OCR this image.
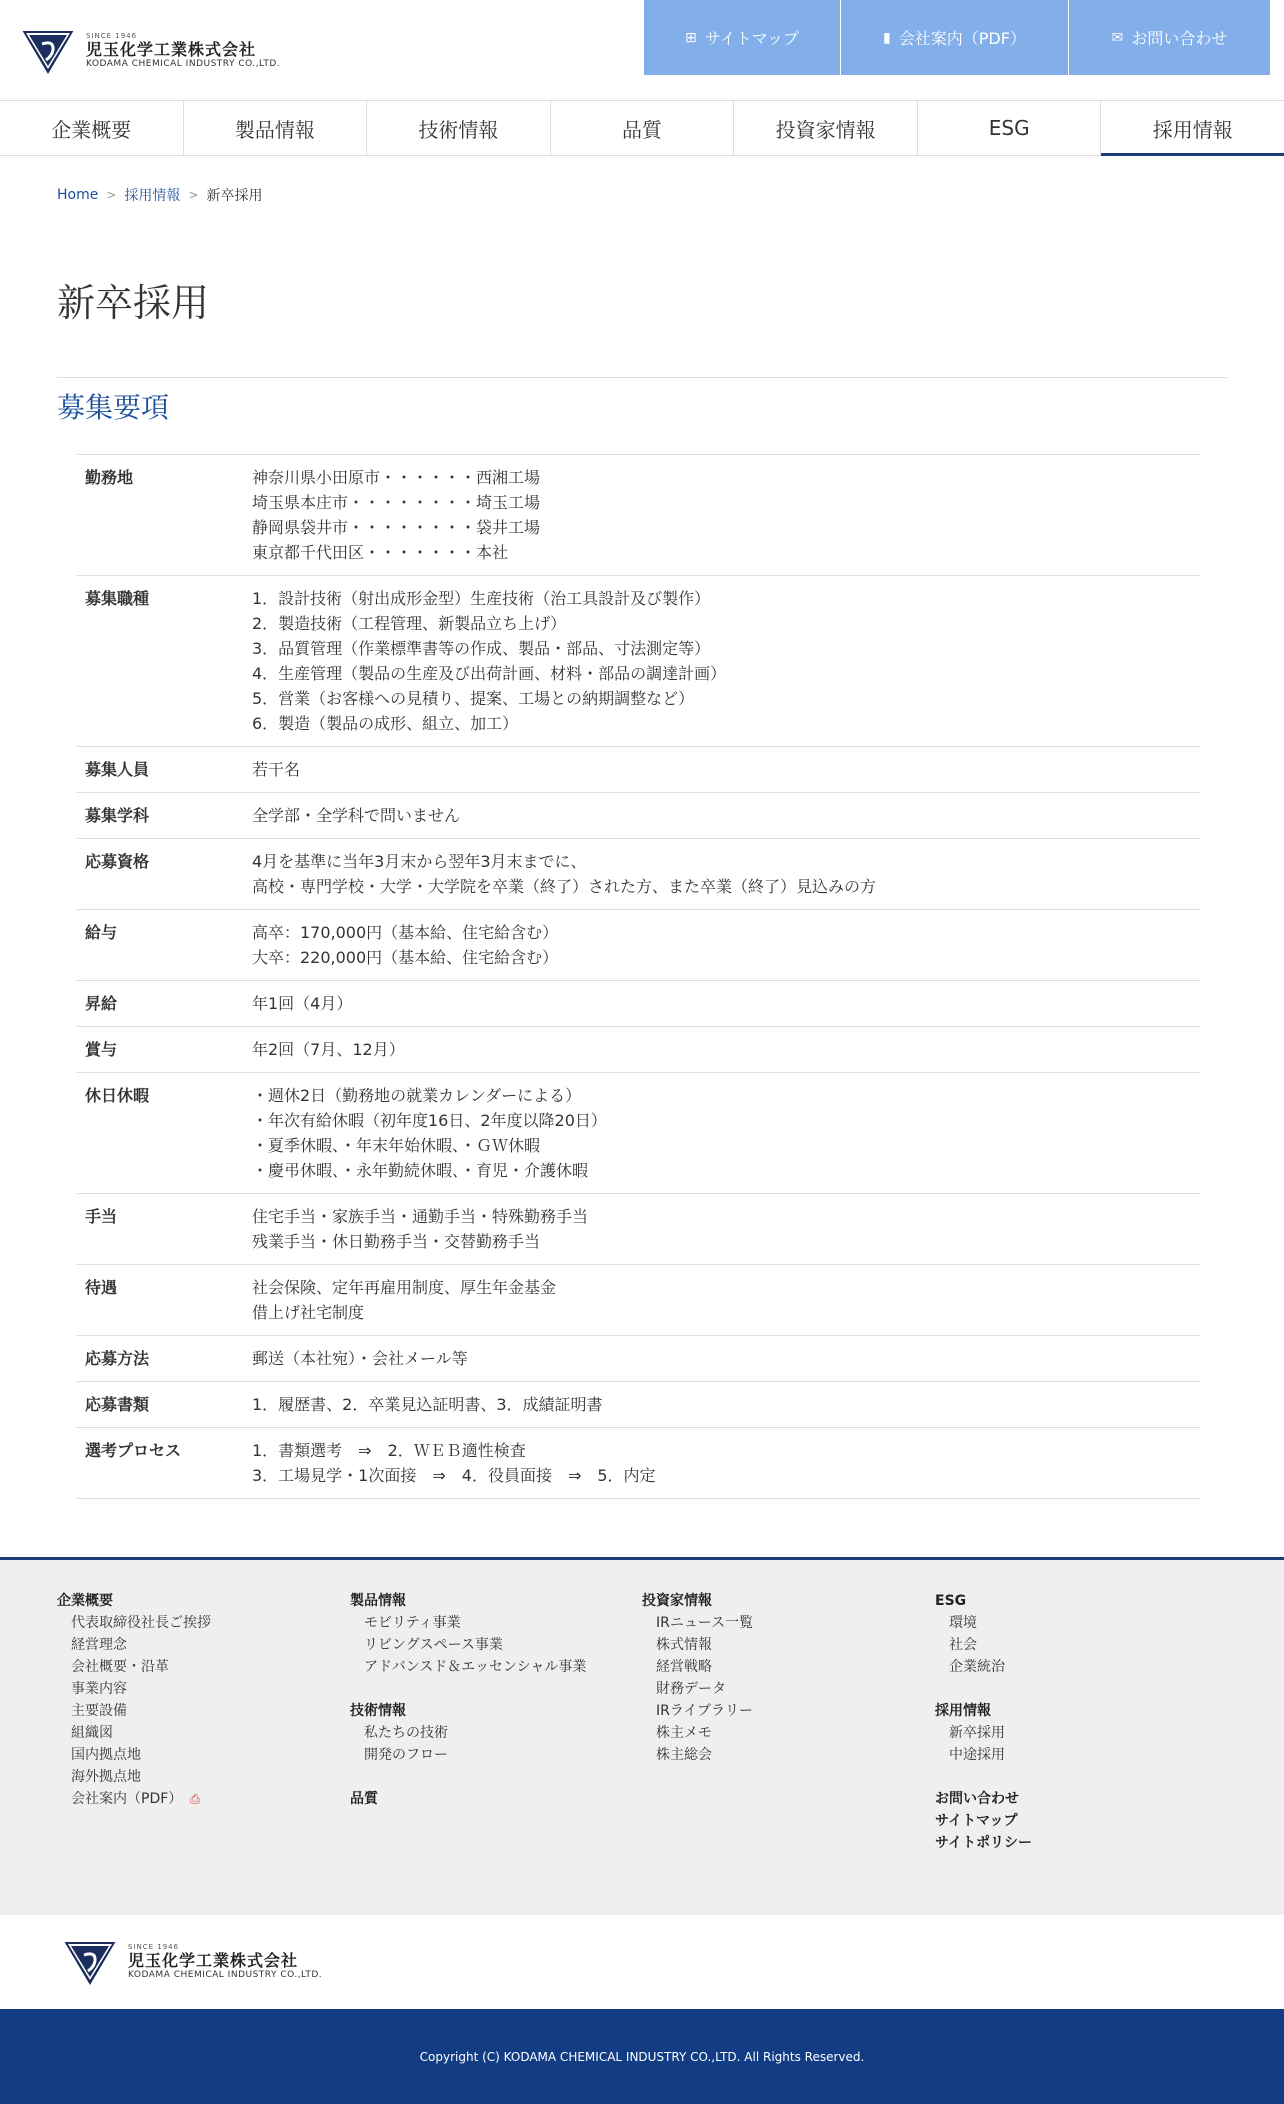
SINCE 1946
児玉化学工業株式会社
KODAMA CHEMICAL INDUSTRY CO.,LTD.
⊞ サイトマップ	▮ 会社案内（PDF）	✉ お問い合わせ
企業概要	製品情報	技術情報	品質	投資家情報	ESG	採用情報
Home > 採用情報 > 新卒採用
新卒採用
募集要項
勤務地	神奈川県小田原市・・・・・・西湘工場
埼玉県本庄市・・・・・・・・埼玉工場
静岡県袋井市・・・・・・・・袋井工場
東京都千代田区・・・・・・・本社
募集職種	1．設計技術（射出成形金型）生産技術（治工具設計及び製作）
2．製造技術（工程管理、新製品立ち上げ）
3．品質管理（作業標準書等の作成、製品・部品、寸法測定等）
4．生産管理（製品の生産及び出荷計画、材料・部品の調達計画）
5．営業（お客様への見積り、提案、工場との納期調整など）
6．製造（製品の成形、組立、加工）
募集人員	若干名
募集学科	全学部・全学科で問いません
応募資格	4月を基準に当年3月末から翌年3月末までに、
高校・専門学校・大学・大学院を卒業（終了）された方、また卒業（終了）見込みの方
給与	高卒：170,000円（基本給、住宅給含む）
大卒：220,000円（基本給、住宅給含む）
昇給	年1回（4月）
賞与	年2回（7月、12月）
休日休暇	・週休2日（勤務地の就業カレンダーによる）
・年次有給休暇（初年度16日、2年度以降20日）
・夏季休暇、・年末年始休暇、・ＧＷ休暇
・慶弔休暇、・永年勤続休暇、・育児・介護休暇
手当	住宅手当・家族手当・通勤手当・特殊勤務手当
残業手当・休日勤務手当・交替勤務手当
待遇	社会保険、定年再雇用制度、厚生年金基金
借上げ社宅制度
応募方法	郵送（本社宛）・会社メール等
応募書類	1．履歴書、2．卒業見込証明書、3．成績証明書
選考プロセス	1．書類選考　⇒　2．ＷＥＢ適性検査
3．工場見学・1次面接　⇒　4．役員面接　⇒　5．内定
企業概要
代表取締役社長ご挨拶
経営理念
会社概要・沿革
事業内容
主要設備
組織図
国内拠点地
海外拠点地
会社案内（PDF） ⎙
製品情報
モビリティ事業
リビングスペース事業
アドバンスド＆エッセンシャル事業
技術情報
私たちの技術
開発のフロー
品質
投資家情報
IRニュース一覧
株式情報
経営戦略
財務データ
IRライブラリー
株主メモ
株主総会
ESG
環境
社会
企業統治
採用情報
新卒採用
中途採用
お問い合わせ
サイトマップ
サイトポリシー
SINCE 1946
児玉化学工業株式会社
KODAMA CHEMICAL INDUSTRY CO.,LTD.
Copyright (C) KODAMA CHEMICAL INDUSTRY CO.,LTD. All Rights Reserved.
